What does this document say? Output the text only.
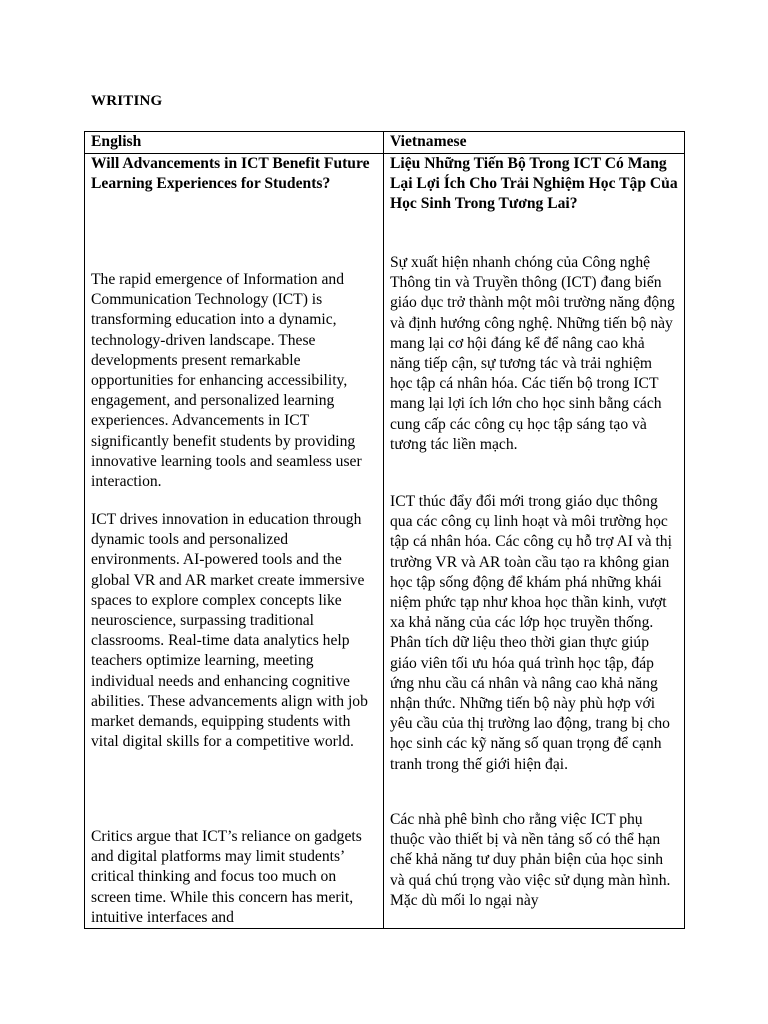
WRITING
English	Vietnamese
Will Advancements in ICT Benefit Future Learning Experiences for Students?
The rapid emergence of Information and Communication Technology (ICT) is transforming education into a dynamic, technology-driven landscape. These developments present remarkable opportunities for enhancing accessibility, engagement, and personalized learning experiences. Advancements in ICT significantly benefit students by providing innovative learning tools and seamless user interaction.
ICT drives innovation in education through dynamic tools and personalized environments. AI-powered tools and the global VR and AR market create immersive spaces to explore complex concepts like neuroscience, surpassing traditional classrooms. Real-time data analytics help teachers optimize learning, meeting individual needs and enhancing cognitive abilities. These advancements align with job market demands, equipping students with vital digital skills for a competitive world.
Critics argue that ICT’s reliance on gadgets and digital platforms may limit students’ critical thinking and focus too much on screen time. While this concern has merit, intuitive interfaces and
Liệu Những Tiến Bộ Trong ICT Có Mang Lại Lợi Ích Cho Trải Nghiệm Học Tập Của Học Sinh Trong Tương Lai?
Sự xuất hiện nhanh chóng của Công nghệ Thông tin và Truyền thông (ICT) đang biến giáo dục trở thành một môi trường năng động và định hướng công nghệ. Những tiến bộ này mang lại cơ hội đáng kể để nâng cao khả năng tiếp cận, sự tương tác và trải nghiệm học tập cá nhân hóa. Các tiến bộ trong ICT mang lại lợi ích lớn cho học sinh bằng cách cung cấp các công cụ học tập sáng tạo và tương tác liền mạch.
ICT thúc đẩy đổi mới trong giáo dục thông qua các công cụ linh hoạt và môi trường học tập cá nhân hóa. Các công cụ hỗ trợ AI và thị trường VR và AR toàn cầu tạo ra không gian học tập sống động để khám phá những khái niệm phức tạp như khoa học thần kinh, vượt xa khả năng của các lớp học truyền thống. Phân tích dữ liệu theo thời gian thực giúp giáo viên tối ưu hóa quá trình học tập, đáp ứng nhu cầu cá nhân và nâng cao khả năng nhận thức. Những tiến bộ này phù hợp với yêu cầu của thị trường lao động, trang bị cho học sinh các kỹ năng số quan trọng để cạnh tranh trong thế giới hiện đại.
Các nhà phê bình cho rằng việc ICT phụ thuộc vào thiết bị và nền tảng số có thể hạn chế khả năng tư duy phản biện của học sinh và quá chú trọng vào việc sử dụng màn hình. Mặc dù mối lo ngại này
